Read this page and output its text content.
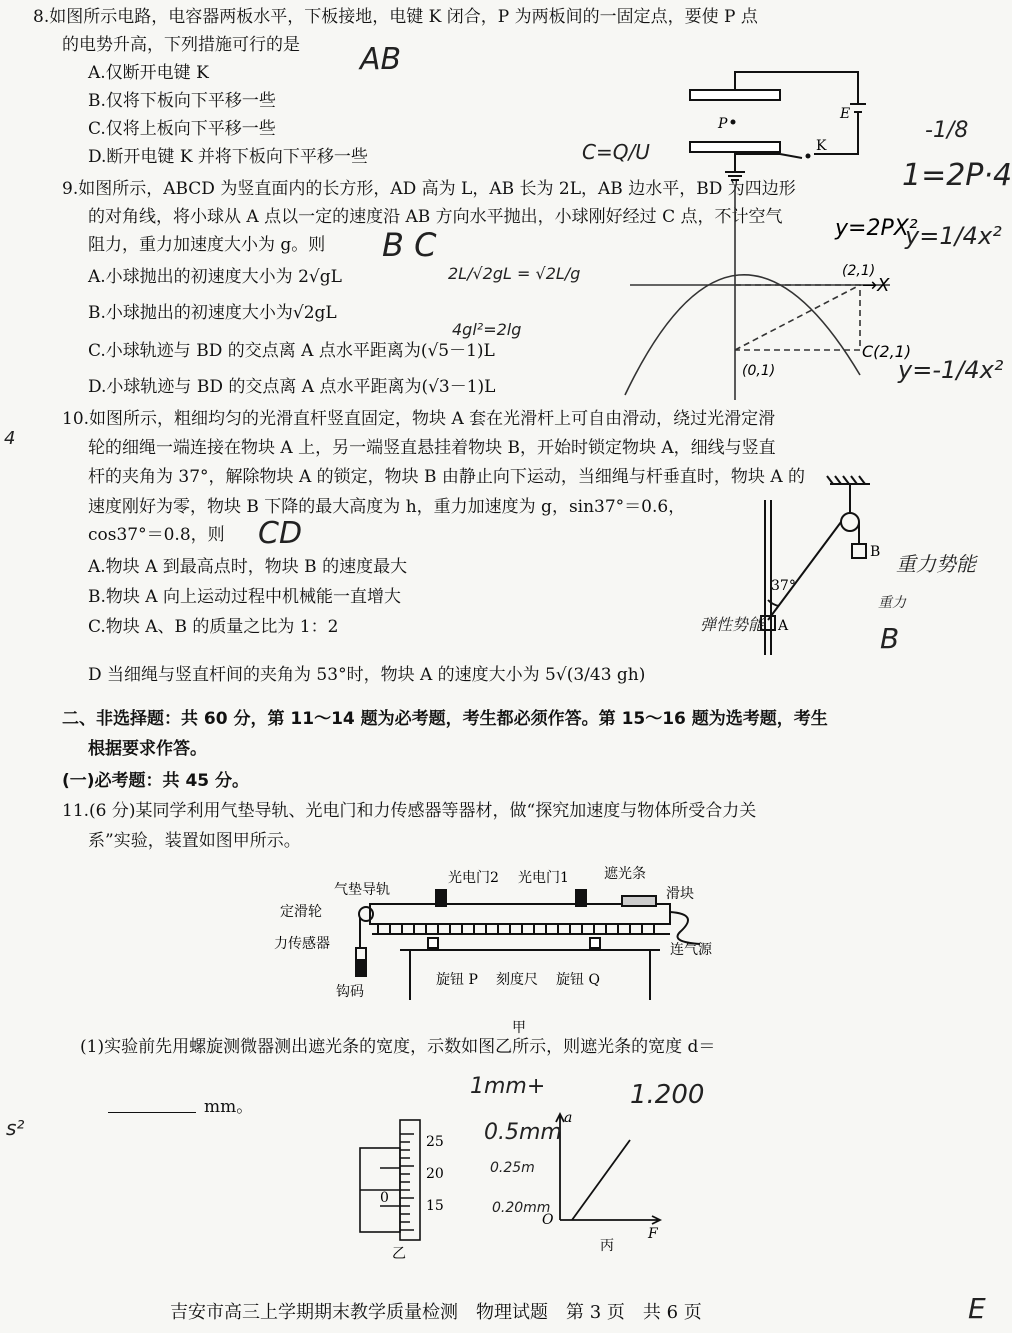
8.如图所示电路，电容器两板水平，下板接地，电键 K 闭合，P 为两板间的一固定点，要使 P 点
的电势升高，下列措施可行的是
A.仅断开电键 K
B.仅将下板向下平移一些
C.仅将上板向下平移一些
D.断开电键 K 并将下板向下平移一些
P
E
K
AB
C=Q/U
-1/8
1=2P·4
9.如图所示，ABCD 为竖直面内的长方形，AD 高为 L，AB 长为 2L，AB 边水平，BD 为四边形
的对角线，将小球从 A 点以一定的速度沿 AB 方向水平抛出，小球刚好经过 C 点，不计空气
阻力，重力加速度大小为 g。则
A.小球抛出的初速度大小为 2√gL
B.小球抛出的初速度大小为√2gL
C.小球轨迹与 BD 的交点离 A 点水平距离为(√5－1)L
D.小球轨迹与 BD 的交点离 A 点水平距离为(√3－1)L
B C
2L/√2gL = √2L/g
4gl²=2lg
y=2PX²
(2,1)
→X
(0,1)
C(2,1)
y=1/4x²
y=-1/4x²
10.如图所示，粗细均匀的光滑直杆竖直固定，物块 A 套在光滑杆上可自由滑动，绕过光滑定滑
轮的细绳一端连接在物块 A 上，另一端竖直悬挂着物块 B，开始时锁定物块 A，细线与竖直
杆的夹角为 37°，解除物块 A 的锁定，物块 B 由静止向下运动，当细绳与杆垂直时，物块 A 的
速度刚好为零，物块 B 下降的最大高度为 h，重力加速度为 g，sin37°＝0.6，
cos37°＝0.8，则
A.物块 A 到最高点时，物块 B 的速度最大
B.物块 A 向上运动过程中机械能一直增大
C.物块 A、B 的质量之比为 1：2
D 当细绳与竖直杆间的夹角为 53°时，物块 A 的速度大小为 5√(3/43 gh)
CD
37°
B
A
重力势能
弹性势能
重力
B
二、非选择题：共 60 分，第 11～14 题为必考题，考生都必须作答。第 15～16 题为选考题，考生
根据要求作答。
(一)必考题：共 45 分。
11.(6 分)某同学利用气垫导轨、光电门和力传感器等器材，做“探究加速度与物体所受合力关
系”实验，装置如图甲所示。
气垫导轨
光电门2 光电门1	遮光条
滑块
定滑轮
力传感器
钩码
旋钮 P 刻度尺 旋钮 Q
连气源
甲
(1)实验前先用螺旋测微器测出遮光条的宽度，示数如图乙所示，则遮光条的宽度 d＝
mm。
25
20
15
0
乙
a
O
F
丙
1mm+
0.5mm
0.25m
0.20mm
1.200
4
s²
E
吉安市高三上学期期末教学质量检测　物理试题　第 3 页　共 6 页
